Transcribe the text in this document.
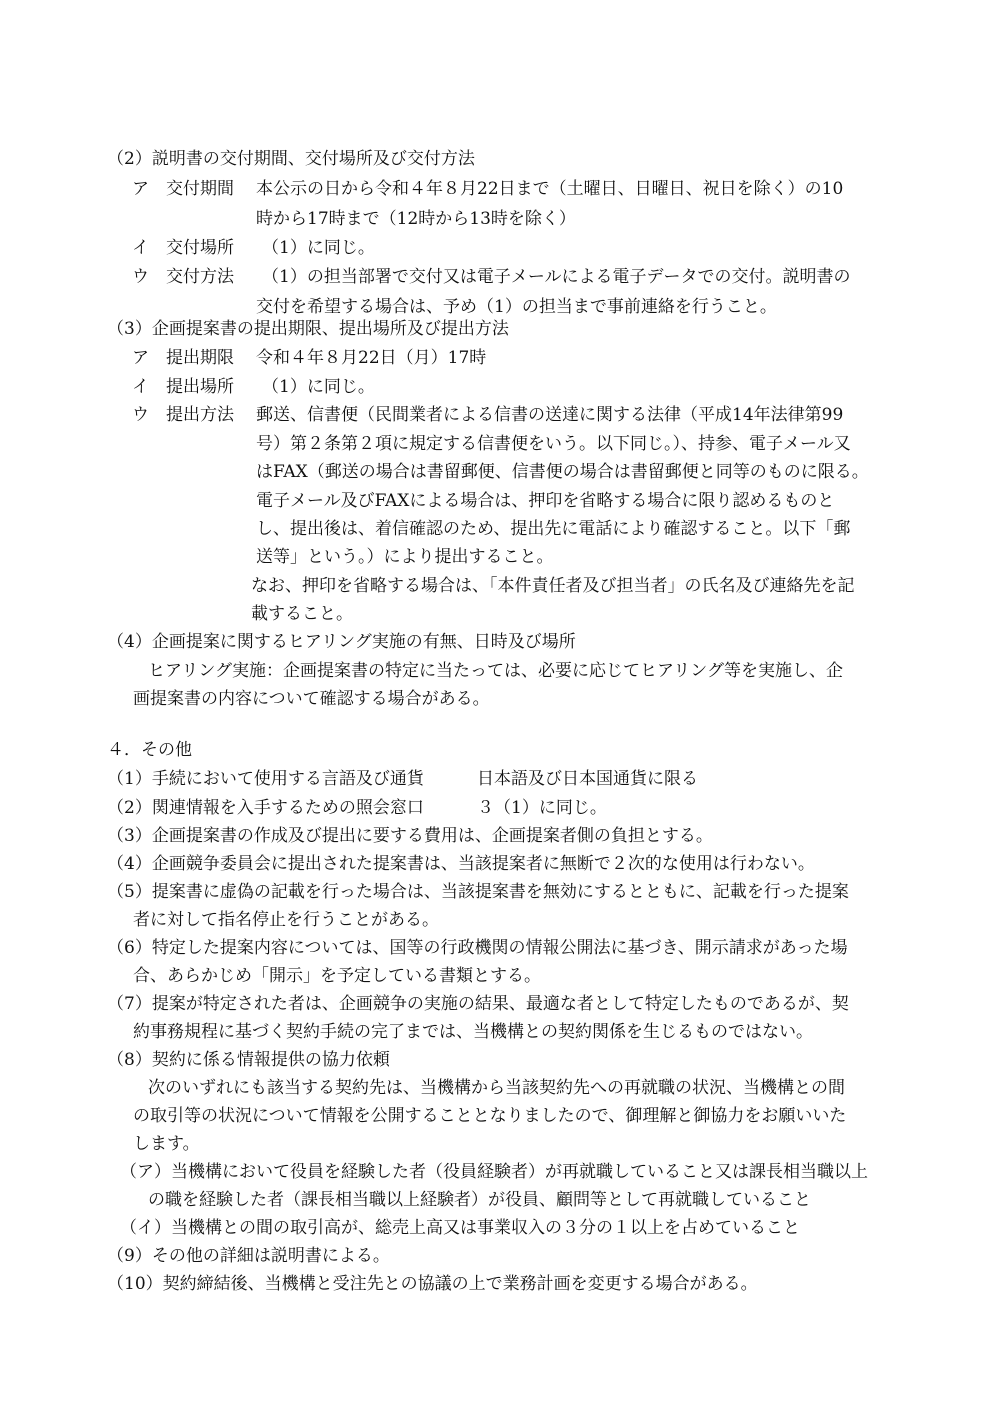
（2）説明書の交付期間、交付場所及び交付方法
ア　交付期間 本公示の日から令和４年８月22日まで（土曜日、日曜日、祝日を除く）の10
時から17時まで（12時から13時を除く）
イ　交付場所 （1）に同じ。
ウ　交付方法 （1）の担当部署で交付又は電子メールによる電子データでの交付。説明書の
交付を希望する場合は、予め（1）の担当まで事前連絡を行うこと。
（3）企画提案書の提出期限、提出場所及び提出方法
ア　提出期限 令和４年８月22日（月）17時
イ　提出場所 （1）に同じ。
ウ　提出方法 郵送、信書便（民間業者による信書の送達に関する法律（平成14年法律第99
号）第２条第２項に規定する信書便をいう。以下同じ。）、持参、電子メール又
はFAX（郵送の場合は書留郵便、信書便の場合は書留郵便と同等のものに限る。
電子メール及びFAXによる場合は、押印を省略する場合に限り認めるものと
し、提出後は、着信確認のため、提出先に電話により確認すること。以下「郵
送等」という。）により提出すること。
なお、押印を省略する場合は、「本件責任者及び担当者」の氏名及び連絡先を記
載すること。
（4）企画提案に関するヒアリング実施の有無、日時及び場所
ヒアリング実施：企画提案書の特定に当たっては、必要に応じてヒアリング等を実施し、企
画提案書の内容について確認する場合がある。
４．その他
（1）手続において使用する言語及び通貨	日本語及び日本国通貨に限る
（2）関連情報を入手するための照会窓口	３（1）に同じ。
（3）企画提案書の作成及び提出に要する費用は、企画提案者側の負担とする。
（4）企画競争委員会に提出された提案書は、当該提案者に無断で２次的な使用は行わない。
（5）提案書に虚偽の記載を行った場合は、当該提案書を無効にするとともに、記載を行った提案
者に対して指名停止を行うことがある。
（6）特定した提案内容については、国等の行政機関の情報公開法に基づき、開示請求があった場
合、あらかじめ「開示」を予定している書類とする。
（7）提案が特定された者は、企画競争の実施の結果、最適な者として特定したものであるが、契
約事務規程に基づく契約手続の完了までは、当機構との契約関係を生じるものではない。
（8）契約に係る情報提供の協力依頼
次のいずれにも該当する契約先は、当機構から当該契約先への再就職の状況、当機構との間
の取引等の状況について情報を公開することとなりましたので、御理解と御協力をお願いいた
します。
（ア）当機構において役員を経験した者（役員経験者）が再就職していること又は課長相当職以上
の職を経験した者（課長相当職以上経験者）が役員、顧問等として再就職していること
（イ）当機構との間の取引高が、総売上高又は事業収入の３分の１以上を占めていること
（9）その他の詳細は説明書による。
（10）契約締結後、当機構と受注先との協議の上で業務計画を変更する場合がある。
